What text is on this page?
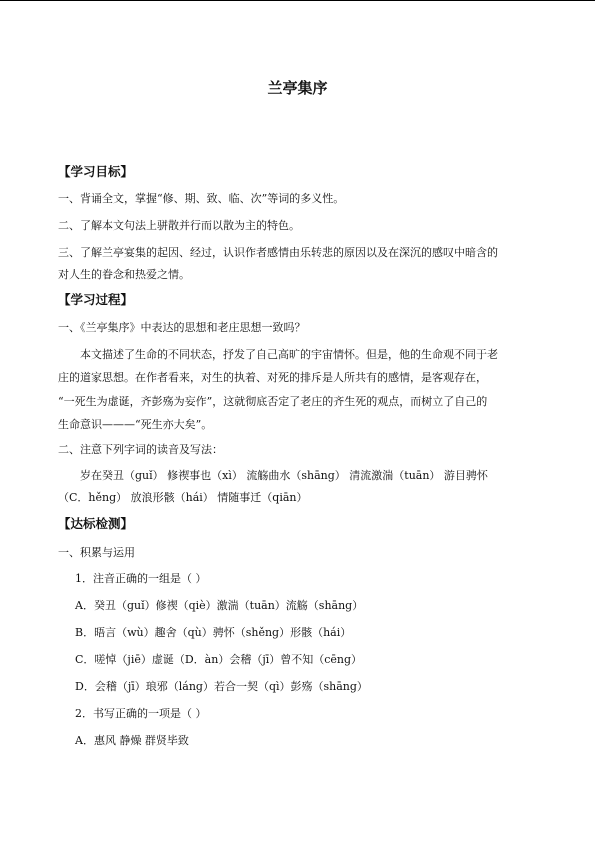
兰亭集序
【学习目标】
一、背诵全文，掌握“修、期、致、临、次”等词的多义性。
二、了解本文句法上骈散并行而以散为主的特色。
三、了解兰亭宴集的起因、经过，认识作者感情由乐转悲的原因以及在深沉的感叹中暗含的
对人生的眷念和热爱之情。
【学习过程】
一、《兰亭集序》中表达的思想和老庄思想一致吗？
本文描述了生命的不同状态，抒发了自己高旷的宇宙情怀。但是，他的生命观不同于老
庄的道家思想。在作者看来，对生的执着、对死的排斥是人所共有的感情，是客观存在，
“一死生为虚诞，齐彭殇为妄作”，这就彻底否定了老庄的齐生死的观点，而树立了自己的
生命意识———“死生亦大矣”。
二、注意下列字词的读音及写法：
岁在癸丑（guǐ） 修禊事也（xì） 流觞曲水（shāng） 清流激湍（tuān） 游目骋怀
（C．hěng） 放浪形骸（hái） 情随事迁（qiān）
【达标检测】
一、积累与运用
1．注音正确的一组是（ ）
A．癸丑（guǐ）修禊（qiè）激湍（tuān）流觞（shāng）
B．晤言（wù）趣舍（qù）骋怀（shěng）形骸（hái）
C．嗟悼（jiē）虚诞（D．àn）会稽（jī）曾不知（cēng）
D．会稽（jī）琅邪（láng）若合一契（qì）彭殇（shāng）
2．书写正确的一项是（ ）
A．惠风 静燥 群贤毕致
